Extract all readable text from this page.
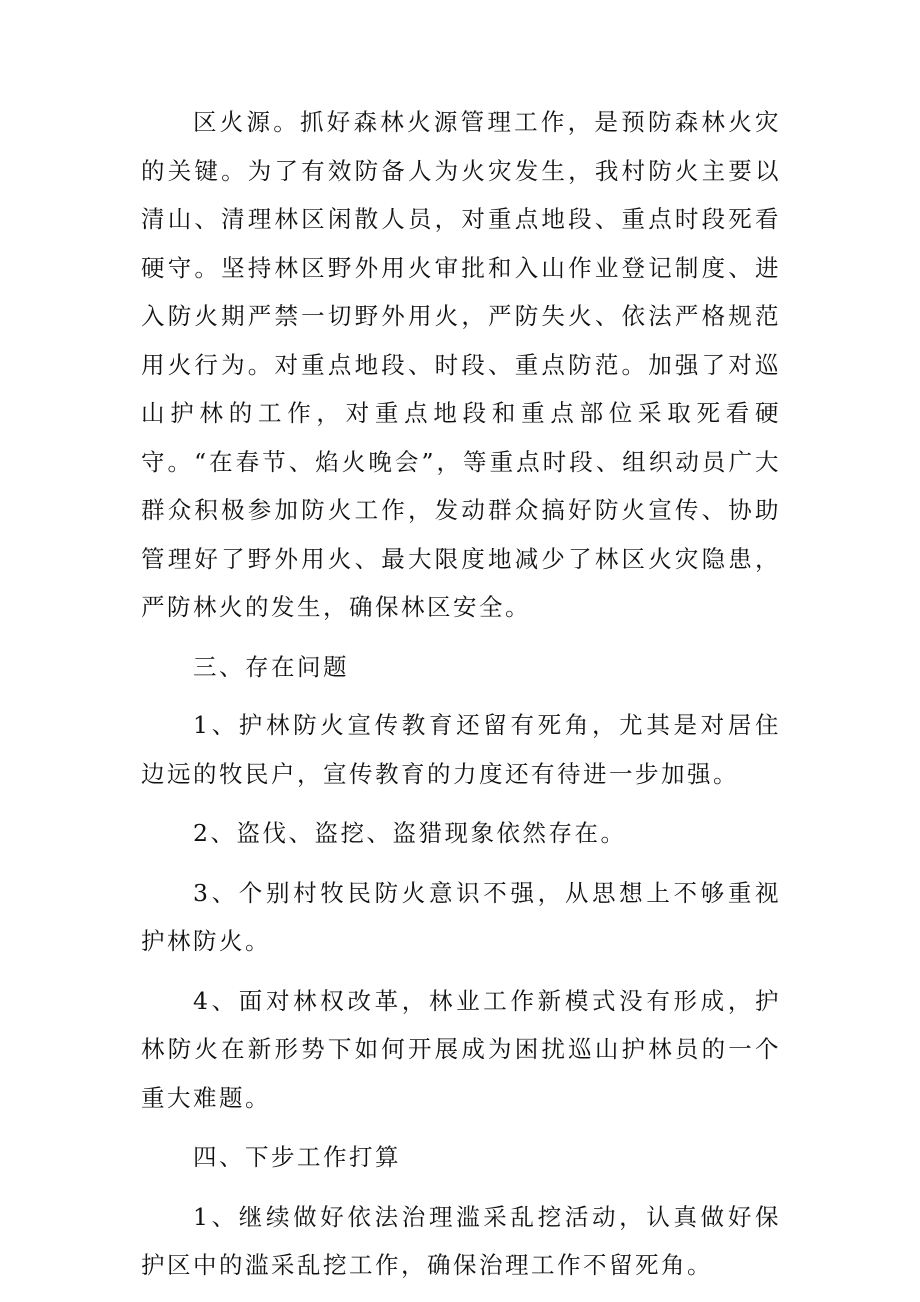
区火源。抓好森林火源管理工作，是预防森林火灾的关键。为了有效防备人为火灾发生，我村防火主要以清山、清理林区闲散人员，对重点地段、重点时段死看硬守。坚持林区野外用火审批和入山作业登记制度、进入防火期严禁一切野外用火，严防失火、依法严格规范用火行为。对重点地段、时段、重点防范。加强了对巡山护林的工作，对重点地段和重点部位采取死看硬守。“在春节、焰火晚会”，等重点时段、组织动员广大群众积极参加防火工作，发动群众搞好防火宣传、协助管理好了野外用火、最大限度地减少了林区火灾隐患，严防林火的发生，确保林区安全。

三、存在问题

1、护林防火宣传教育还留有死角，尤其是对居住边远的牧民户，宣传教育的力度还有待进一步加强。

2、盗伐、盗挖、盗猎现象依然存在。

3、个别村牧民防火意识不强，从思想上不够重视护林防火。

4、面对林权改革，林业工作新模式没有形成，护林防火在新形势下如何开展成为困扰巡山护林员的一个重大难题。

四、下步工作打算

1、继续做好依法治理滥采乱挖活动，认真做好保护区中的滥采乱挖工作，确保治理工作不留死角。
